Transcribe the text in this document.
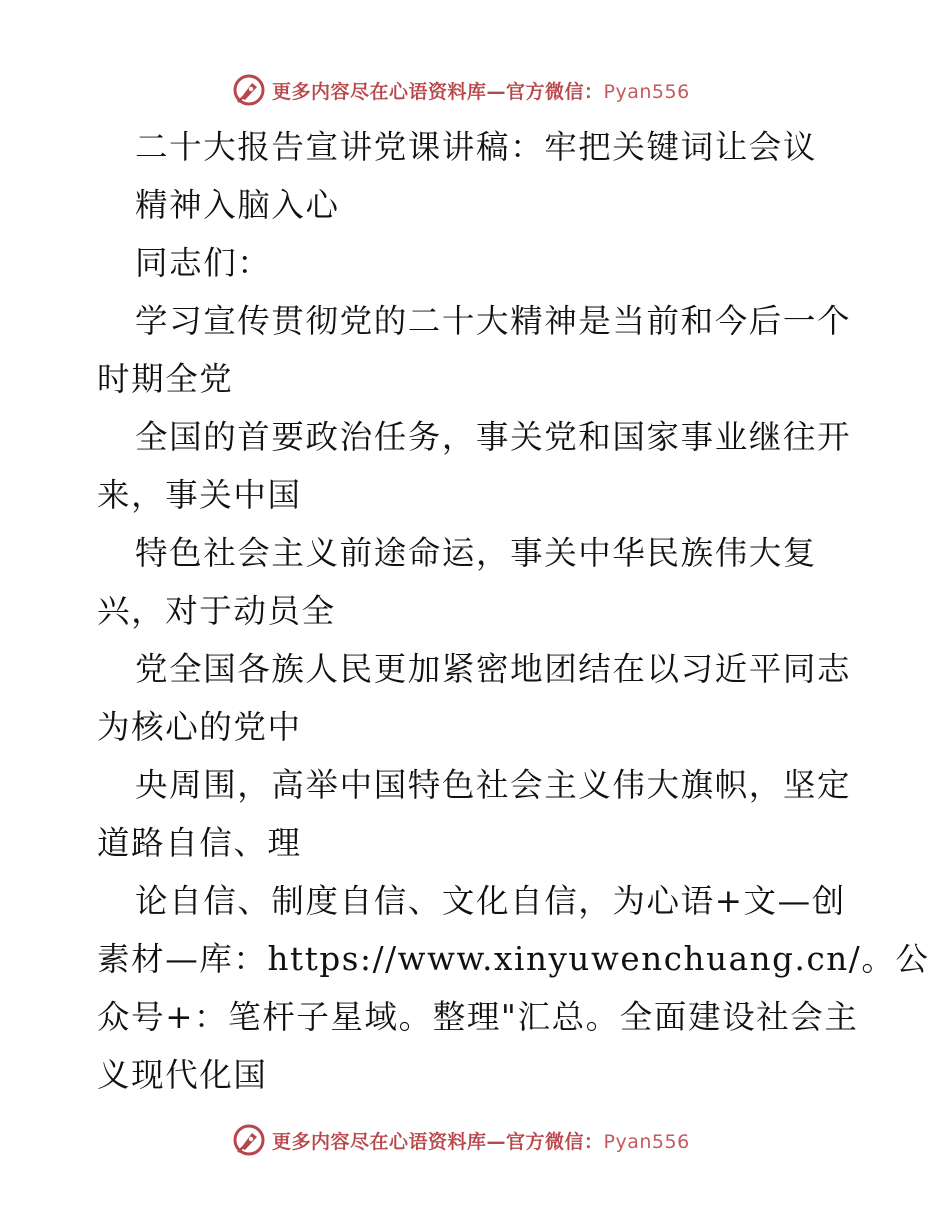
更多内容尽在心语资料库—官方微信：Pyan556
二十大报告宣讲党课讲稿：牢把关键词让会议
精神入脑入心
同志们：
学习宣传贯彻党的二十大精神是当前和今后一个
时期全党
全国的首要政治任务，事关党和国家事业继往开
来，事关中国
特色社会主义前途命运，事关中华民族伟大复
兴，对于动员全
党全国各族人民更加紧密地团结在以习近平同志
为核心的党中
央周围，高举中国特色社会主义伟大旗帜，坚定
道路自信、理
论自信、制度自信、文化自信，为心语+文—创
素材—库：https://www.xinyuwenchuang.cn/。公
众号+：笔杆子星域。整理"汇总。全面建设社会主
义现代化国
更多内容尽在心语资料库—官方微信：Pyan556
